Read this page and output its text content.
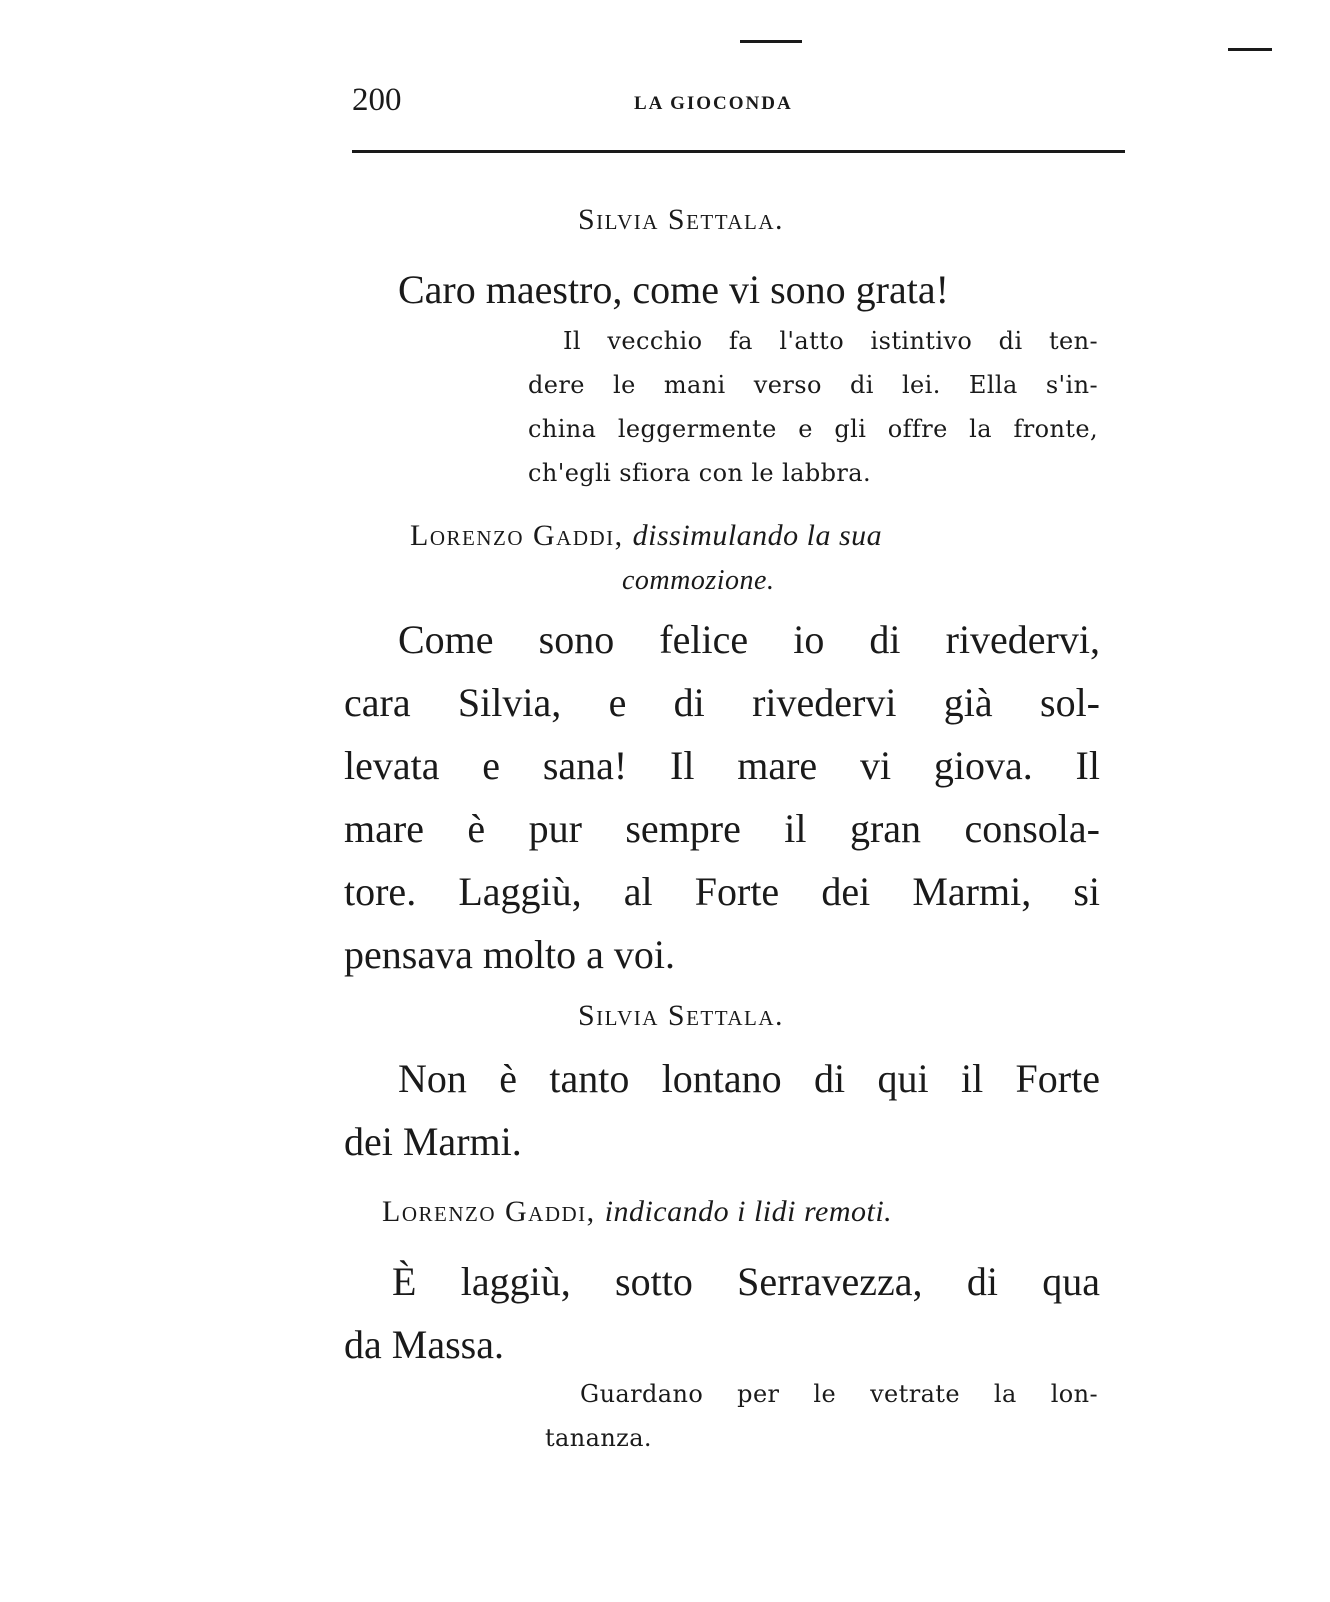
200	LA GIOCONDA
Silvia Settala.
Caro maestro, come vi sono grata!
Il vecchio fa l'atto istintivo di ten-
dere le mani verso di lei. Ella s'in-
china leggermente e gli offre la fronte,
ch'egli sfiora con le labbra.
Lorenzo Gaddi, dissimulando la sua
commozione.
Come sono felice io di rivedervi,
cara Silvia, e di rivedervi già sol-
levata e sana! Il mare vi giova. Il
mare è pur sempre il gran consola-
tore. Laggiù, al Forte dei Marmi, si
pensava molto a voi.
Silvia Settala.
Non è tanto lontano di qui il Forte
dei Marmi.
Lorenzo Gaddi, indicando i lidi remoti.
È laggiù, sotto Serravezza, di qua
da Massa.
Guardano per le vetrate la lon-
tananza.
